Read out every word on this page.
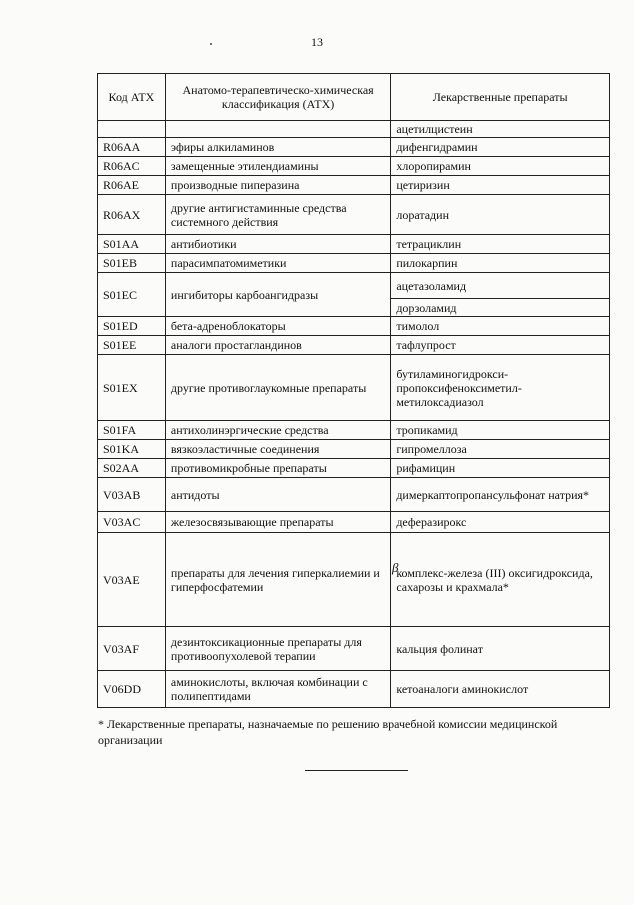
13
Код АТХ	Анатомо-терапевтическо-химическая классификация (АТХ)	Лекарственные препараты
		ацетилцистеин
R06AA	эфиры алкиламинов	дифенгидрамин
R06AC	замещенные этилендиамины	хлоропирамин
R06AE	производные пиперазина	цетиризин
R06AX	другие антигистаминные средства системного действия	лоратадин
S01AA	антибиотики	тетрациклин
S01EB	парасимпатомиметики	пилокарпин
S01EC	ингибиторы карбоангидразы	ацетазоламид
		дорзоламид
S01ED	бета-адреноблокаторы	тимолол
S01EE	аналоги простагландинов	тафлупрост
S01EX	другие противоглаукомные препараты	бутиламиногидрокси-пропоксифеноксиметил-метилоксадиазол
S01FA	антихолинэргические средства	тропикамид
S01KA	вязкоэластичные соединения	гипромеллоза
S02AA	противомикробные препараты	рифамицин
V03AB	антидоты	димеркаптопропансульфонат натрия*
V03AC	железосвязывающие препараты	деферазирокс
V03AE	препараты для лечения гиперкалиемии и гиперфосфатемии	комплекс-железа (III) оксигидроксида, сахарозы и крахмала*
V03AF	дезинтоксикационные препараты для противоопухолевой терапии	кальция фолинат
V06DD	аминокислоты, включая комбинации с полипептидами	кетоаналоги аминокислот
β
* Лекарственные препараты, назначаемые по решению врачебной комиссии медицинской организации
